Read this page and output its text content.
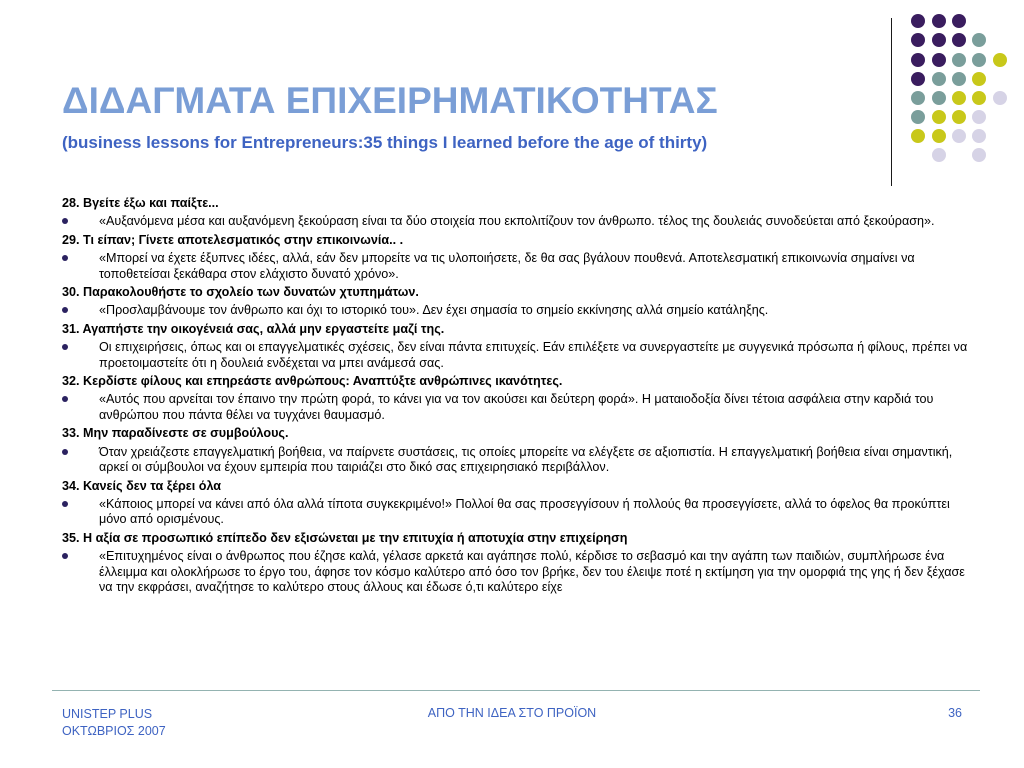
ΔΙΔΑΓΜΑΤΑ ΕΠΙΧΕΙΡΗΜΑΤΙΚΟΤΗΤΑΣ
(business lessons for Entrepreneurs:35 things I learned before the age of thirty)
28. Βγείτε έξω και παίξτε...
«Αυξανόμενα μέσα και αυξανόμενη ξεκούραση είναι τα δύο στοιχεία που εκπολιτίζουν τον άνθρωπο. τέλος της δουλειάς συνοδεύεται από ξεκούραση».
29. Τι είπαν; Γίνετε αποτελεσματικός στην επικοινωνία.. .
«Μπορεί να έχετε έξυπνες ιδέες, αλλά, εάν δεν μπορείτε να τις υλοποιήσετε, δε θα σας βγάλουν πουθενά. Αποτελεσματική επικοινωνία σημαίνει να τοποθετείσαι ξεκάθαρα στον ελάχιστο δυνατό χρόνο».
30. Παρακολουθήστε το σχολείο των δυνατών χτυπημάτων.
«Προσλαμβάνουμε τον άνθρωπο και όχι το ιστορικό του». Δεν έχει σημασία το σημείο εκκίνησης αλλά σημείο κατάληξης.
31. Αγαπήστε την οικογένειά σας, αλλά μην εργαστείτε μαζί της.
Οι επιχειρήσεις, όπως και οι επαγγελματικές σχέσεις, δεν είναι πάντα επιτυχείς. Εάν επιλέξετε να συνεργαστείτε με συγγενικά πρόσωπα ή φίλους, πρέπει να προετοιμαστείτε ότι η δουλειά ενδέχεται να μπει ανάμεσά σας.
32. Κερδίστε φίλους και επηρεάστε ανθρώπους: Αναπτύξτε ανθρώπινες ικανότητες.
«Αυτός που αρνείται τον έπαινο την πρώτη φορά, το κάνει για να τον ακούσει και δεύτερη φορά». Η ματαιοδοξία δίνει τέτοια ασφάλεια στην καρδιά του ανθρώπου που πάντα θέλει να τυγχάνει θαυμασμό.
33. Μην παραδίνεστε σε συμβούλους.
Όταν χρειάζεστε επαγγελματική βοήθεια, να παίρνετε συστάσεις, τις οποίες μπορείτε να ελέγξετε σε αξιοπιστία. Η επαγγελματική βοήθεια είναι σημαντική, αρκεί οι σύμβουλοι να έχουν εμπειρία που ταιριάζει στο δικό σας επιχειρησιακό περιβάλλον.
34. Κανείς δεν τα ξέρει όλα
«Κάποιος μπορεί να κάνει από όλα αλλά τίποτα συγκεκριμένο!» Πολλοί θα σας προσεγγίσουν ή πολλούς θα προσεγγίσετε, αλλά το όφελος θα προκύπτει μόνο από ορισμένους.
35. Η αξία σε προσωπικό επίπεδο δεν εξισώνεται με την επιτυχία ή αποτυχία στην επιχείρηση
«Επιτυχημένος είναι ο άνθρωπος που έζησε καλά, γέλασε αρκετά και αγάπησε πολύ, κέρδισε το σεβασμό και την αγάπη των παιδιών, συμπλήρωσε ένα έλλειμμα και ολοκλήρωσε το έργο του, άφησε τον κόσμο καλύτερο από όσο τον βρήκε, δεν του έλειψε ποτέ η εκτίμηση για την ομορφιά της γης ή δεν ξέχασε να την εκφράσει, αναζήτησε το καλύτερο στους άλλους και έδωσε ό,τι καλύτερο είχε
UNISTEP PLUS
ΟΚΤΩΒΡΙΟΣ 2007
ΑΠΟ ΤΗΝ ΙΔΕΑ ΣΤΟ ΠΡΟΪΟΝ	36
